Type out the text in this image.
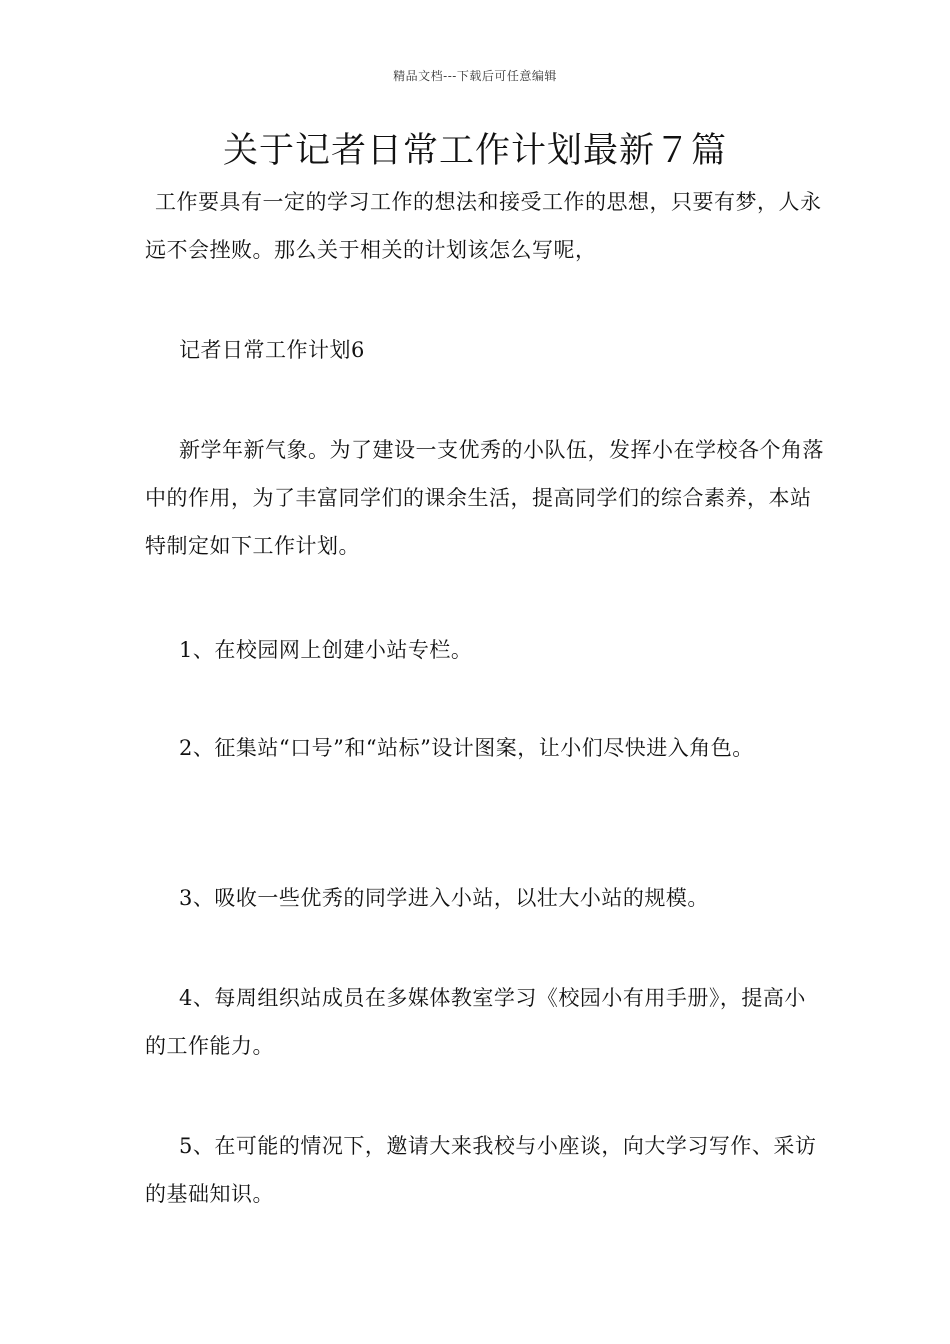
精品文档---下载后可任意编辑
关于记者日常工作计划最新７篇

工作要具有一定的学习工作的想法和接受工作的思想，只要有梦，人永远不会挫败。那么关于相关的计划该怎么写呢，

记者日常工作计划6

新学年新气象。为了建设一支优秀的小队伍，发挥小在学校各个角落中的作用，为了丰富同学们的课余生活，提高同学们的综合素养，本站特制定如下工作计划。

1、在校园网上创建小站专栏。

2、征集站“口号”和“站标”设计图案，让小们尽快进入角色。

3、吸收一些优秀的同学进入小站，以壮大小站的规模。

4、每周组织站成员在多媒体教室学习《校园小有用手册》，提高小的工作能力。

5、在可能的情况下，邀请大来我校与小座谈，向大学习写作、采访的基础知识。
